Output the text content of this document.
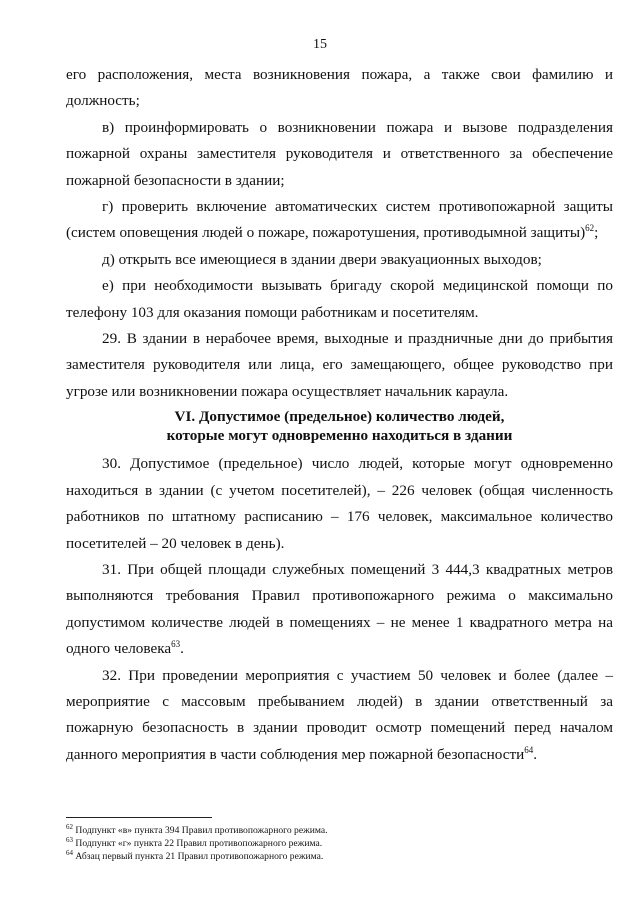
15

его расположения, места возникновения пожара, а также свои фамилию и должность;

в) проинформировать о возникновении пожара и вызове подразделения пожарной охраны заместителя руководителя и ответственного за обеспечение пожарной безопасности в здании;

г) проверить включение автоматических систем противопожарной защиты (систем оповещения людей о пожаре, пожаротушения, противодымной защиты)$^{62}$;

д) открыть все имеющиеся в здании двери эвакуационных выходов;

е) при необходимости вызывать бригаду скорой медицинской помощи по телефону 103 для оказания помощи работникам и посетителям.

29. В здании в нерабочее время, выходные и праздничные дни до прибытия заместителя руководителя или лица, его замещающего, общее руководство при угрозе или возникновении пожара осуществляет начальник караула.

VI. Допустимое (предельное) количество людей,
которые могут одновременно находиться в здании

30. Допустимое (предельное) число людей, которые могут одновременно находиться в здании (с учетом посетителей), – 226 человек (общая численность работников по штатному расписанию – 176 человек, максимальное количество посетителей – 20 человек в день).

31. При общей площади служебных помещений 3 444,3 квадратных метров выполняются требования Правил противопожарного режима о максимально допустимом количестве людей в помещениях – не менее 1 квадратного метра на одного человека$^{63}$.

32. При проведении мероприятия с участием 50 человек и более (далее – мероприятие с массовым пребыванием людей) в здании ответственный за пожарную безопасность в здании проводит осмотр помещений перед началом данного мероприятия в части соблюдения мер пожарной безопасности$^{64}$.

$^{62}$ Подпункт «в» пункта 394 Правил противопожарного режима.
$^{63}$ Подпункт «г» пункта 22 Правил противопожарного режима.
$^{64}$ Абзац первый пункта 21 Правил противопожарного режима.
